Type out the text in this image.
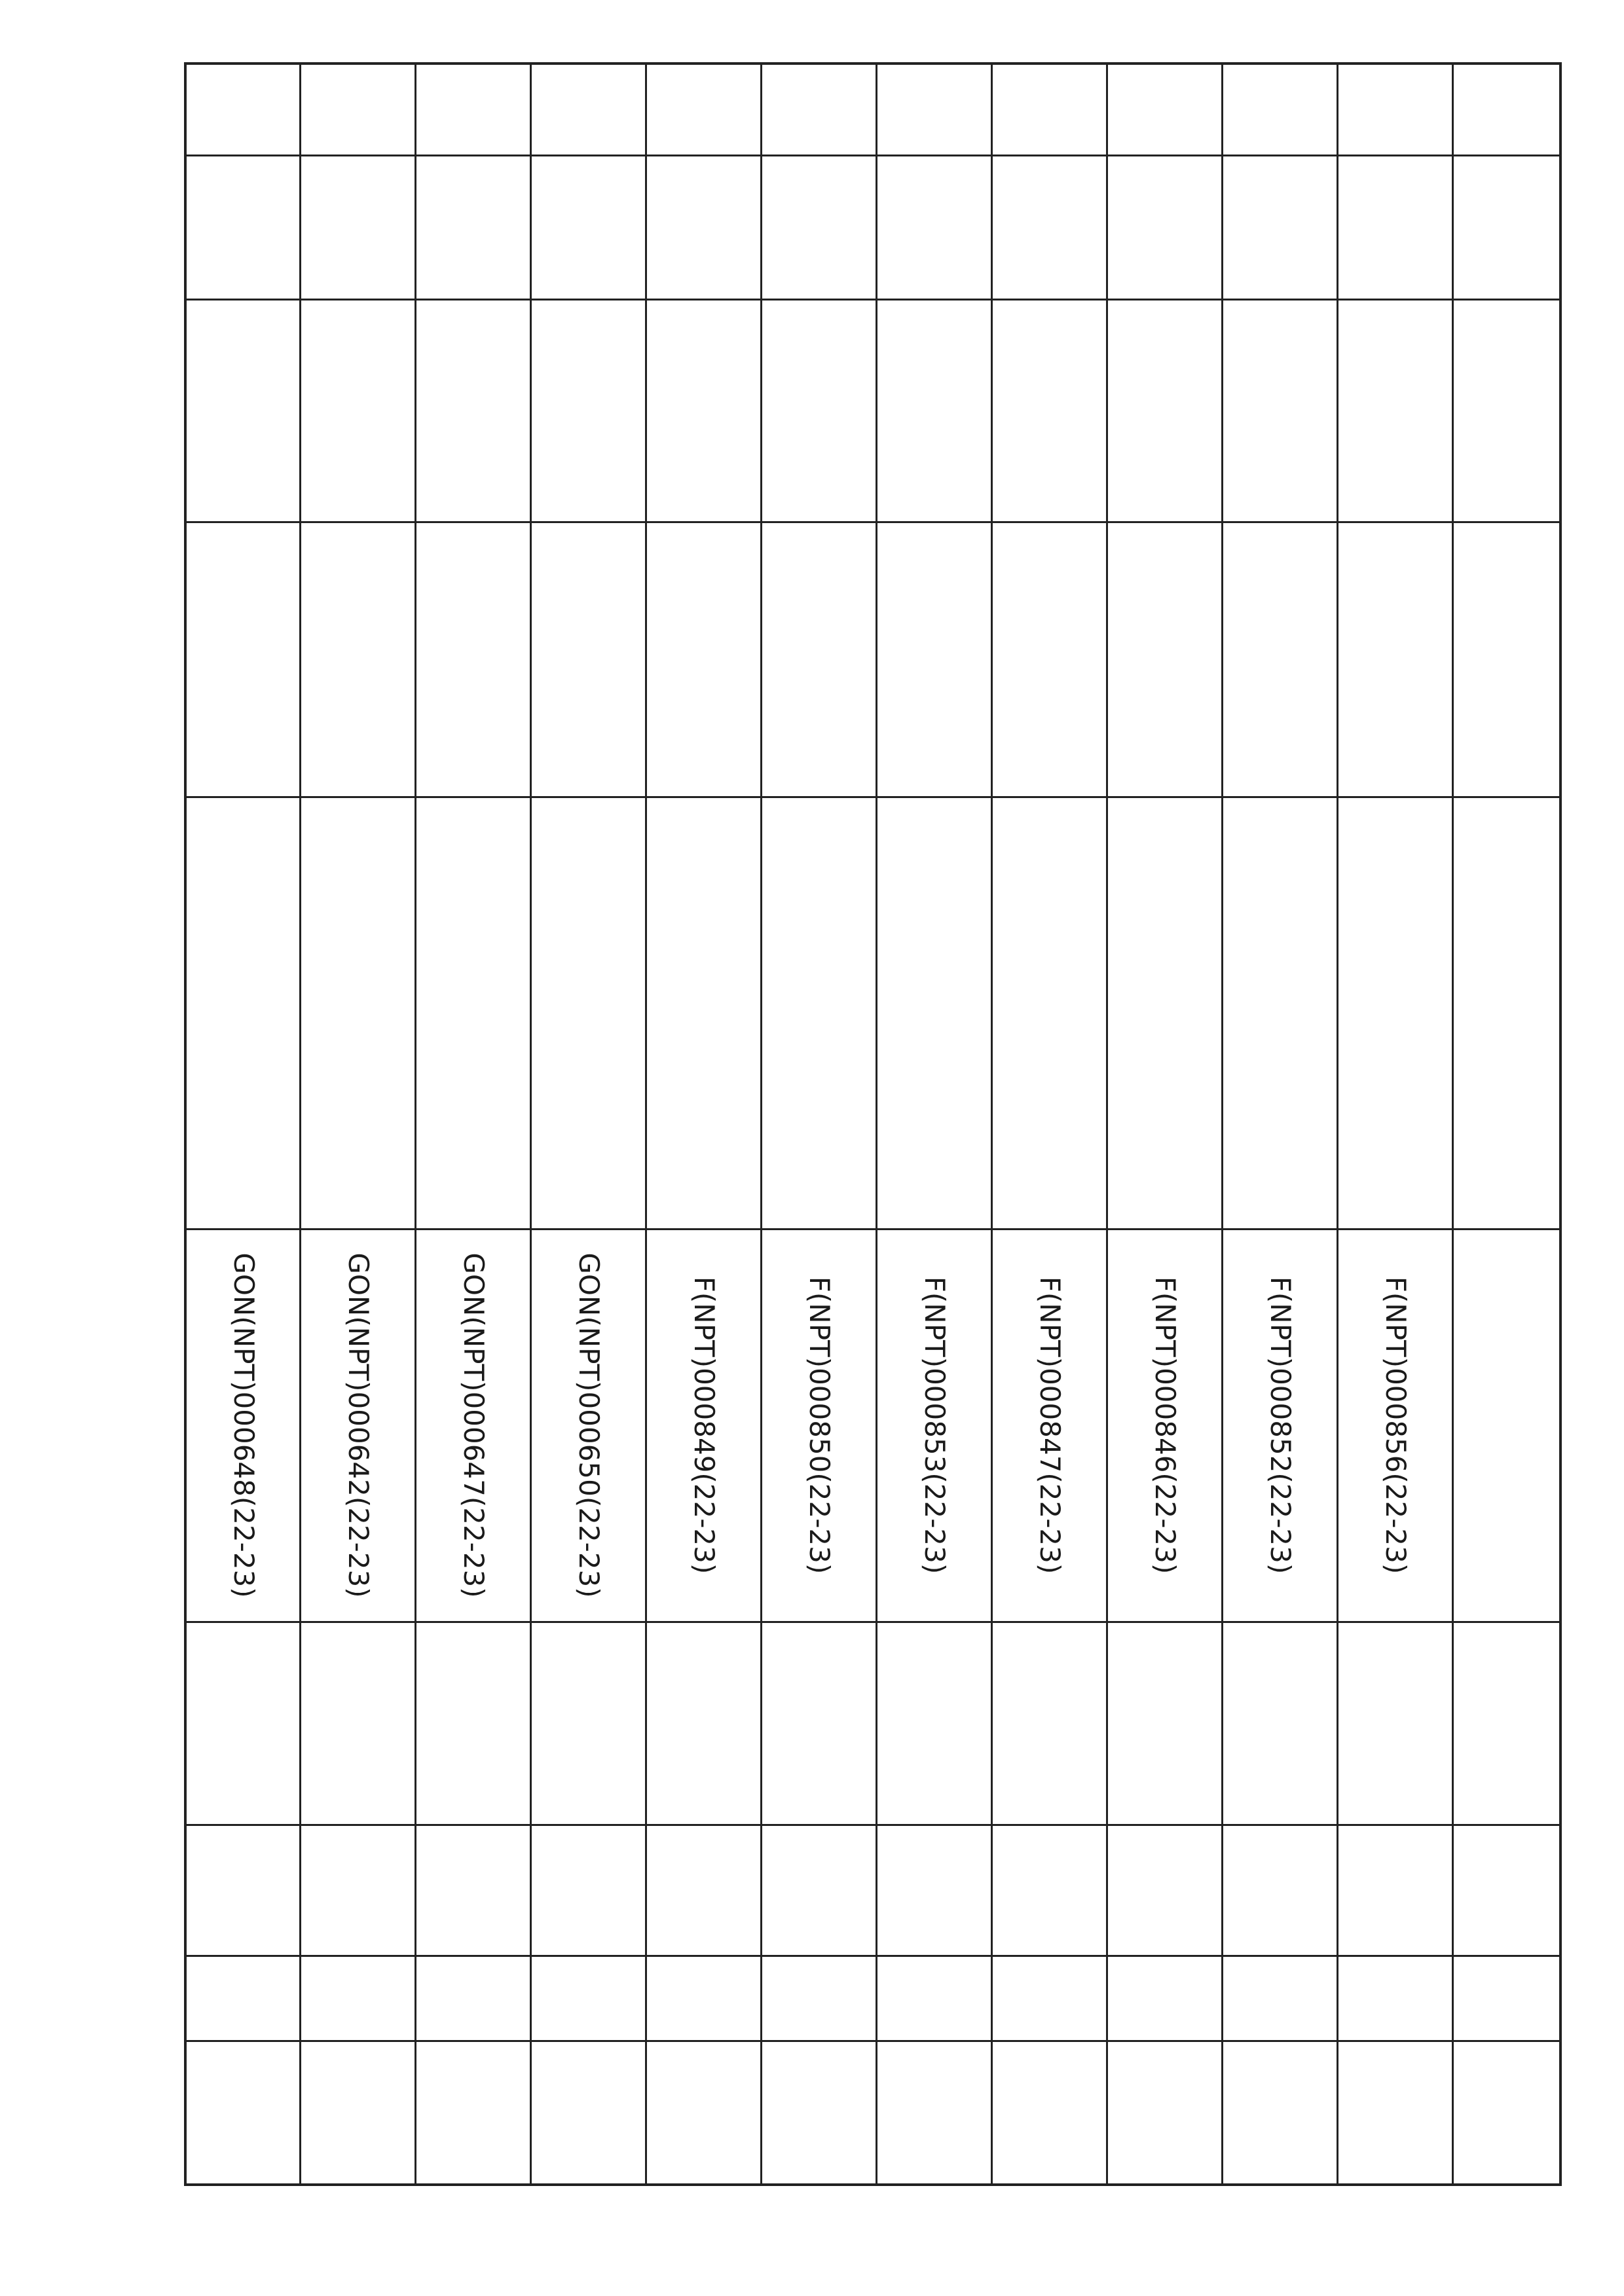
					F(NPT)000856(22-23)				
					F(NPT)000852(22-23)				
					F(NPT)000846(22-23)				
					F(NPT)000847(22-23)				
					F(NPT)000853(22-23)				
					F(NPT)000850(22-23)				
					F(NPT)000849(22-23)				
					GON(NPT)000650(22-23)				
					GON(NPT)000647(22-23)				
					GON(NPT)000642(22-23)				
					GON(NPT)000648(22-23)				
